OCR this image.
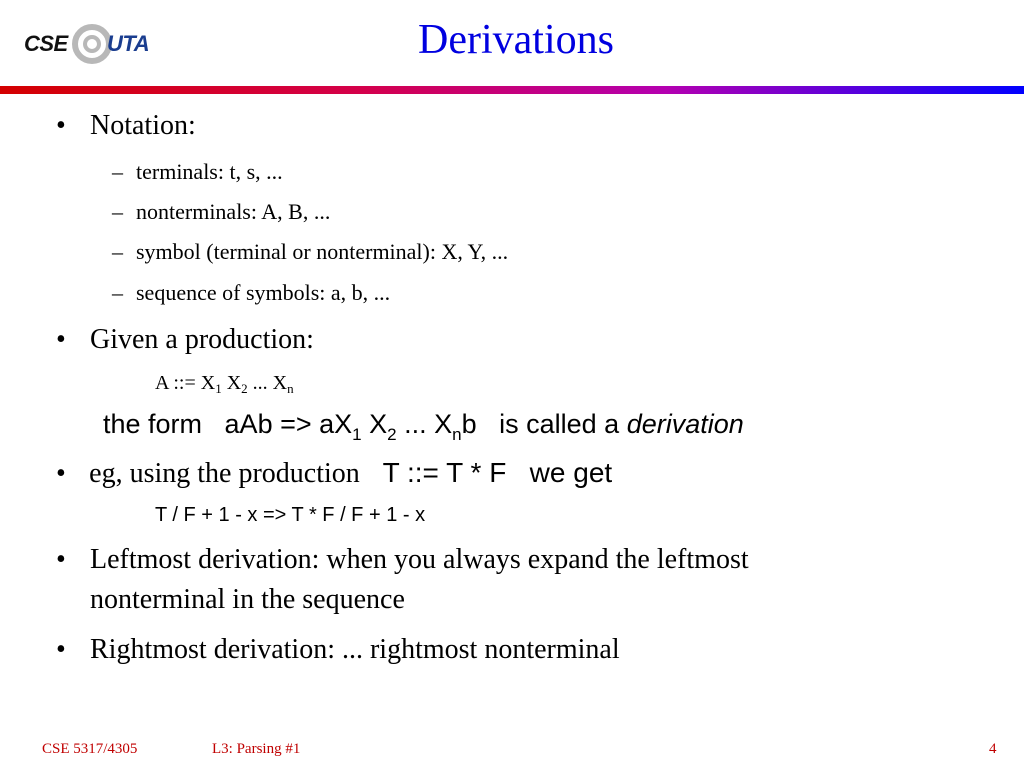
CSE UTA	Derivations
• Notation:
– terminals: t, s, ...
– nonterminals: A, B, ...
– symbol (terminal or nonterminal): X, Y, ...
– sequence of symbols: a, b, ...
• Given a production:
A ::= $X_1$ $X_2$ ... $X_n$
the form   aAb => $aX_1$ $X_2$ ... $X_nb$   is called a derivation
• eg, using the production   T ::= T * F   we get
T / F + 1 - x => T * F / F + 1 - x
• Leftmost derivation: when you always expand the leftmost
nonterminal in the sequence
• Rightmost derivation: ... rightmost nonterminal
CSE 5317/4305	L3: Parsing #1	4
